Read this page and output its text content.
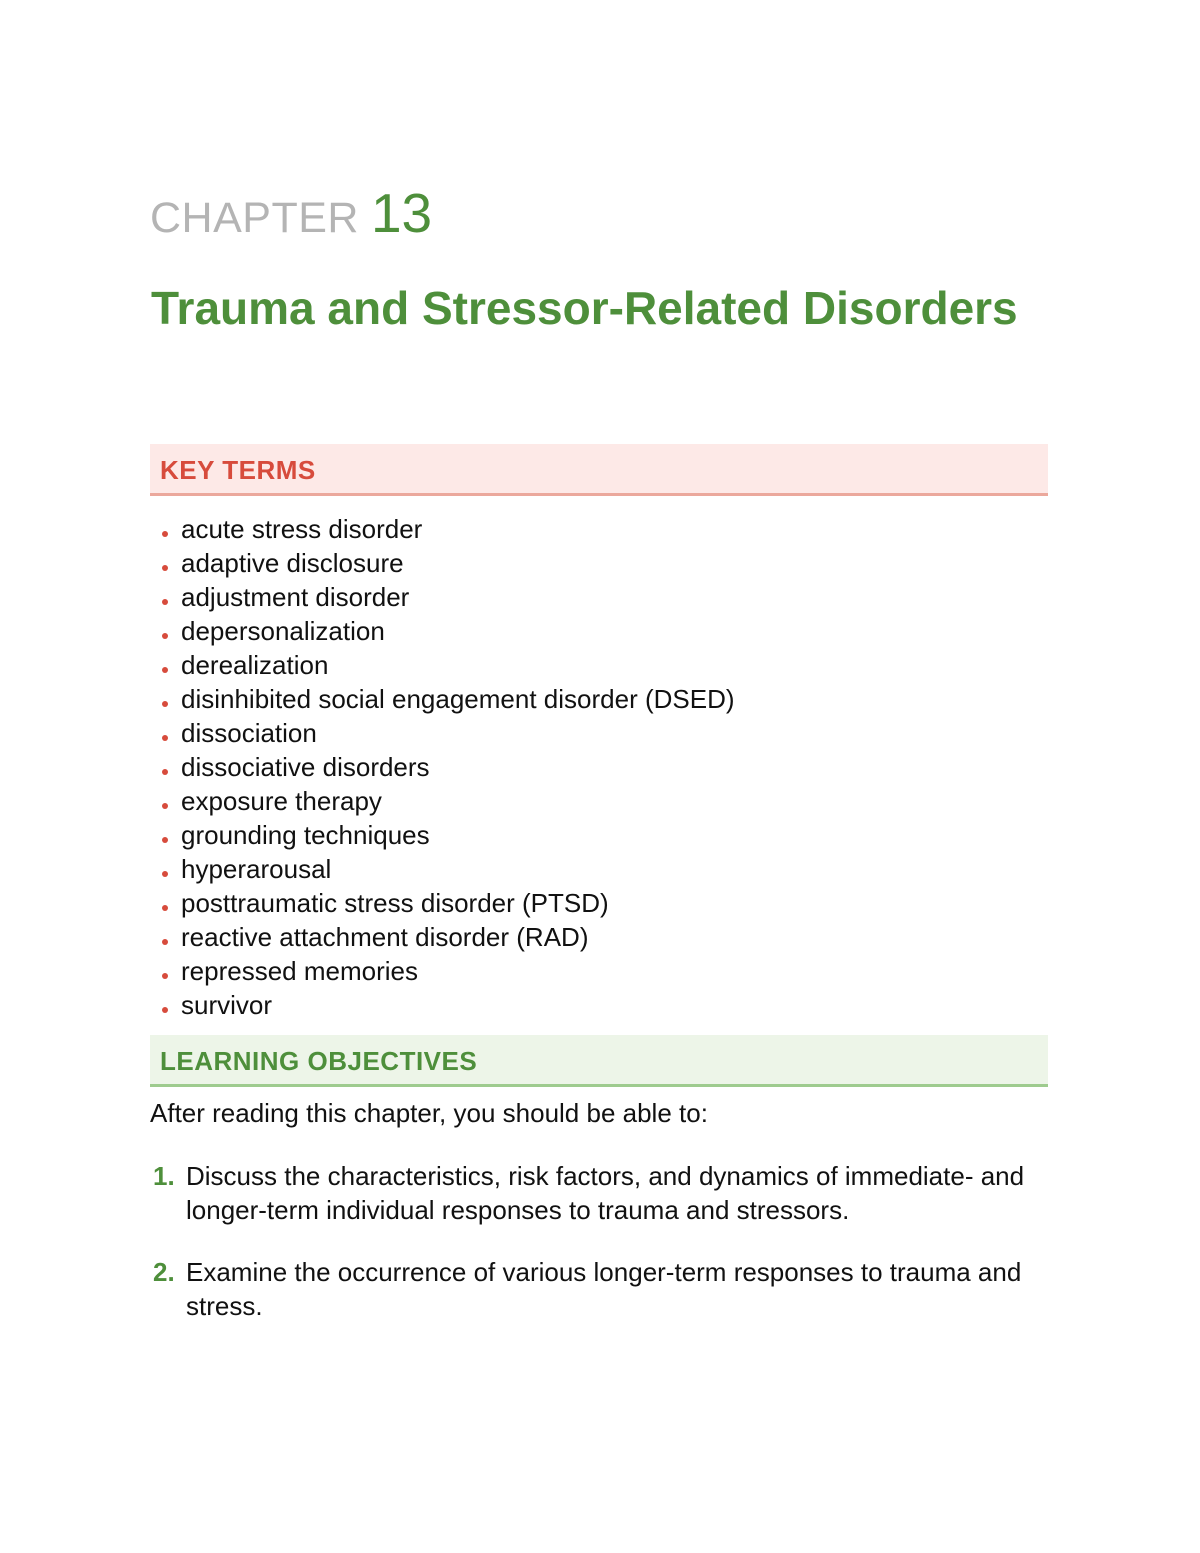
CHAPTER 13
Trauma and Stressor-Related Disorders
KEY TERMS
acute stress disorder
adaptive disclosure
adjustment disorder
depersonalization
derealization
disinhibited social engagement disorder (DSED)
dissociation
dissociative disorders
exposure therapy
grounding techniques
hyperarousal
posttraumatic stress disorder (PTSD)
reactive attachment disorder (RAD)
repressed memories
survivor
LEARNING OBJECTIVES
After reading this chapter, you should be able to:
1. Discuss the characteristics, risk factors, and dynamics of immediate- and longer-term individual responses to trauma and stressors.
2. Examine the occurrence of various longer-term responses to trauma and stress.
